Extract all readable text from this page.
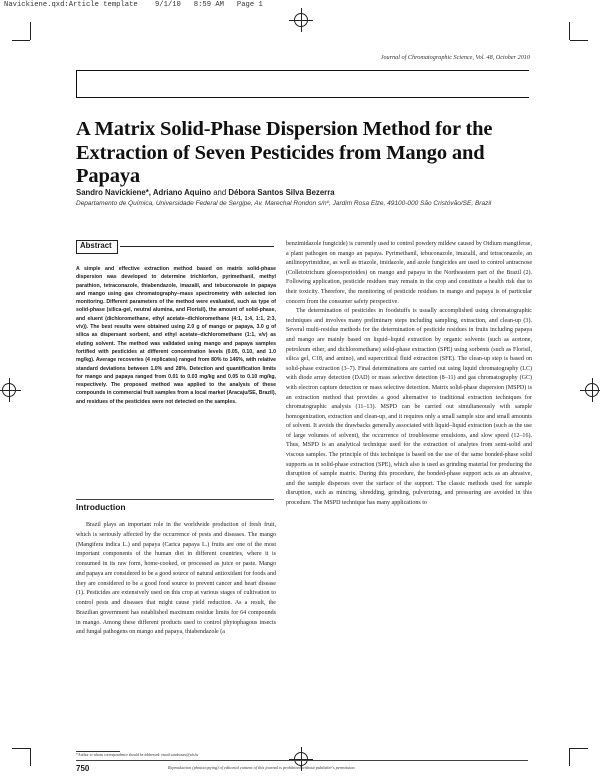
Navickiene.qxd:Article template    9/1/10   8:59 AM   Page 1
Journal of Chromatographic Science, Vol. 48, October 2010
A Matrix Solid-Phase Dispersion Method for the Extraction of Seven Pesticides from Mango and Papaya
Sandro Navickiene*, Adriano Aquino and Débora Santos Silva Bezerra
Departamento de Química, Universidade Federal de Sergipe, Av. Marechal Rondon s/nº, Jardim Rosa Elze, 49100-000 São Cristóvão/SE, Brazil
Abstract
A simple and effective extraction method based on matrix solid-phase dispersion was developed to determine trichlorfon, pyrimethanil, methyl parathion, tetraconazole, thiabendazole, imazalil, and tebuconazole in papaya and mango using gas chromatography–mass spectrometry with selected ion monitoring. Different parameters of the method were evaluated, such as type of solid-phase (silica-gel, neutral alumina, and Florisil), the amount of solid-phase, and eluent (dichloromethane, ethyl acetate–dichloromethane (4:1, 1:4, 1:1, 2:3, v/v)). The best results were obtained using 2.0 g of mango or papaya, 3.0 g of silica as dispersant sorbent, and ethyl acetate–dichloromethane (1:1, v/v) as eluting solvent. The method was validated using mango and papaya samples fortified with pesticides at different concentration levels (0.05, 0.10, and 1.0 mg/kg). Average recoveries (4 replicates) ranged from 80% to 146%, with relative standard deviations between 1.0% and 28%. Detection and quantification limits for mango and papaya ranged from 0.01 to 0.03 mg/kg and 0.05 to 0.10 mg/kg, respectively. The proposed method was applied to the analysis of these compounds in commercial fruit samples from a local market (Aracaju/SE, Brazil), and residues of the pesticides were not detected on the samples.
Introduction
Brazil plays an important role in the worldwide production of fresh fruit, which is seriously affected by the occurrence of pests and diseases. The mango (Mangifera indica L.) and papaya (Carica papaya L.) fruits are one of the most important components of the human diet in different countries, where it is consumed in its raw form, home-cooked, or processed as juice or paste. Mango and papaya are considered to be a good source of natural antioxidant for foods and they are considered to be a good food source to prevent cancer and heart disease (1). Pesticides are extensively used on this crop at various stages of cultivation to control pests and diseases that might cause yield reduction. As a result, the Brazilian government has established maximum residue limits for 64 compounds in mango. Among these different products used to control phytophagous insects and fungal pathogens on mango and papaya, thiabendazole (a
*Author to whom correspondence should be addressed: email sandronav@ufs.br

benzimidazole fungicide) is currently used to control powdery mildew caused by Oidium mangiferae, a plant pathogen on mango an papaya. Pyrimethanil, tebuconazole, imazalil, and tetraconazole, an anilinopyrimidine, as well as triazole, imidazole, and azole fungicides are used to control antracnose (Colletotrichum gloeosporioides) on mango and papaya in the Northeastern part of the Brazil (2). Following application, pesticide residues may remain in the crop and constitute a health risk due to their toxicity. Therefore, the monitoring of pesticide residues in mango and papaya is of particular concern from the consumer safety perspective.

The determination of pesticides in foodstuffs is usually accomplished using chromatographic techniques and involves many preliminary steps including sampling, extraction, and clean-up (3). Several multi-residue methods for the determination of pesticide residues in fruits including papaya and mango are mainly based on liquid–liquid extraction by organic solvents (such as acetone, petroleum ether, and dichloromethane) solid-phase extraction (SPE) using sorbents (such as Florisil, silica gel, C18, and amino), and supercritical fluid extraction (SFE). The clean-up step is based on solid-phase extraction (3–7). Final determinations are carried out using liquid chromatography (LC) with diode array detection (DAD) or mass selective detection (8–11) and gas chromatography (GC) with electron capture detection or mass selective detection. Matrix solid-phase dispersion (MSPD) is an extraction method that provides a good alternative to traditional extraction techniques for chromatographic analysis (11–13). MSPD can be carried out simultaneously with sample homogenization, extraction and clean-up, and it requires only a small sample size and small amounts of solvent. It avoids the drawbacks generally associated with liquid–liquid extraction (such as the use of large volumes of solvent), the occurrence of troublesome emulsions, and slow speed (12–16). Thus, MSPD is an analytical technique used for the extraction of analytes from semi-solid and viscous samples. The principle of this technique is based on the use of the same bonded-phase solid supports as in solid-phase extraction (SPE), which also is used as grinding material for producing the disruption of sample matrix. During this procedure, the bonded-phase support acts as an abrasive, and the sample disperses over the surface of the support. The classic methods used for sample disruption, such as mincing, shredding, grinding, pulverizing, and pressuring are avoided in this procedure. The MSPD technique has many applications to

750	Reproduction (photocopying) of editorial content of this journal is prohibited without publisher's permission.
